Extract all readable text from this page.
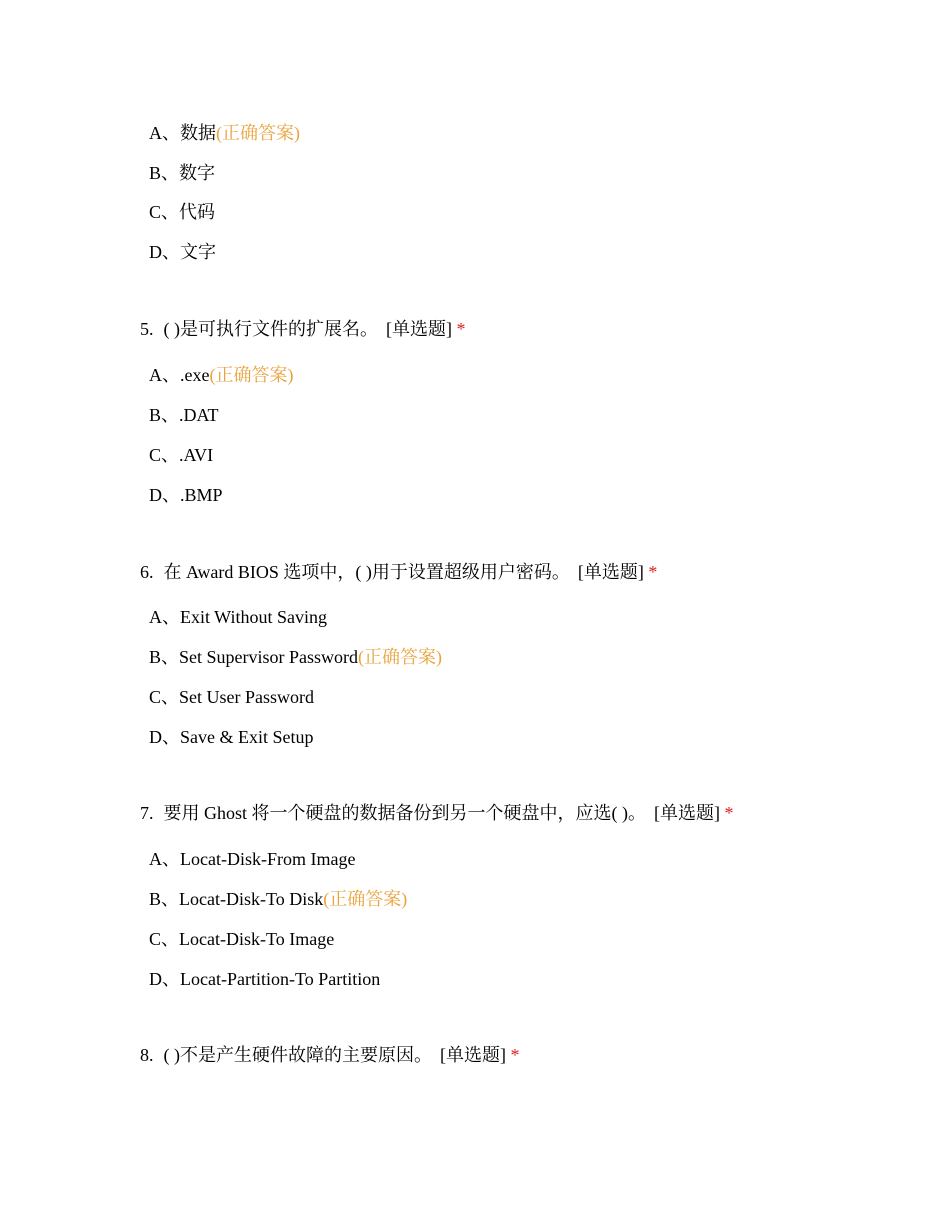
A、数据(正确答案)
B、数字
C、代码
D、文字
5. ( )是可执行文件的扩展名。 [单选题] *
A、.exe(正确答案)
B、.DAT
C、.AVI
D、.BMP
6. 在 Award BIOS 选项中，( )用于设置超级用户密码。 [单选题] *
A、Exit Without Saving
B、Set Supervisor Password(正确答案)
C、Set User Password
D、Save & Exit Setup
7. 要用 Ghost 将一个硬盘的数据备份到另一个硬盘中，应选( )。 [单选题] *
A、Locat-Disk-From Image
B、Locat-Disk-To Disk(正确答案)
C、Locat-Disk-To Image
D、Locat-Partition-To Partition
8. ( )不是产生硬件故障的主要原因。 [单选题] *
